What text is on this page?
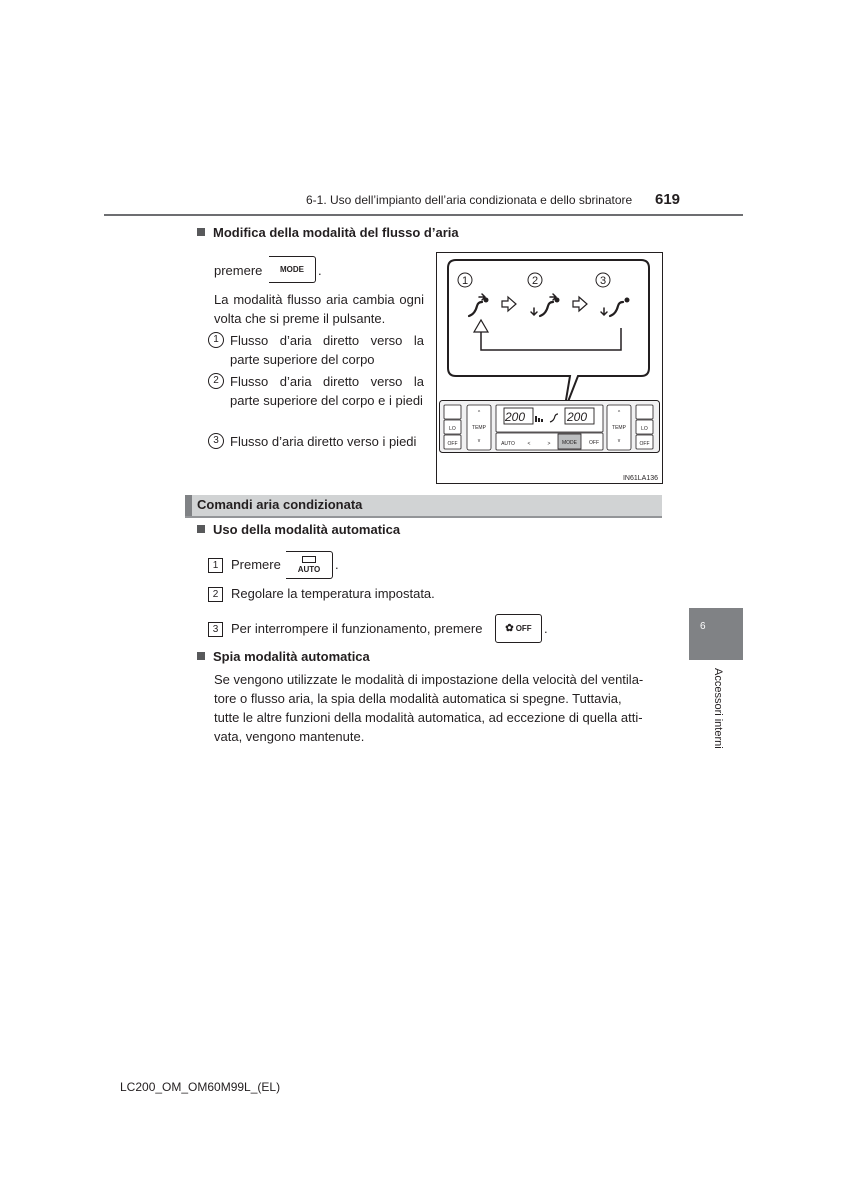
6-1. Uso dell’impianto dell’aria condizionata e dello sbrinatore 619
Modifica della modalità del flusso d’aria
premere MODE .
La modalità flusso aria cambia ogni volta che si preme il pulsante.
1 Flusso d’aria diretto verso la parte superiore del corpo
2 Flusso d’aria diretto verso la parte superiore del corpo e i piedi
3 Flusso d’aria diretto verso i piedi
1	2	3
LO
OFF
^
TEMP
v	AUTO	<	> MODE OFF
^
TEMP
v
LO
OFF
200	200
IN61LA136
Comandi aria condizionata
Uso della modalità automatica
1 Premere AUTO .
2 Regolare la temperatura impostata.
3 Per interrompere il funzionamento, premere ✿ OFF .
Spia modalità automatica
Se vengono utilizzate le modalità di impostazione della velocità del ventila-
tore o flusso aria, la spia della modalità automatica si spegne. Tuttavia,
tutte le altre funzioni della modalità automatica, ad eccezione di quella atti-
vata, vengono mantenute.
6
Accessori interni
LC200_OM_OM60M99L_(EL)
